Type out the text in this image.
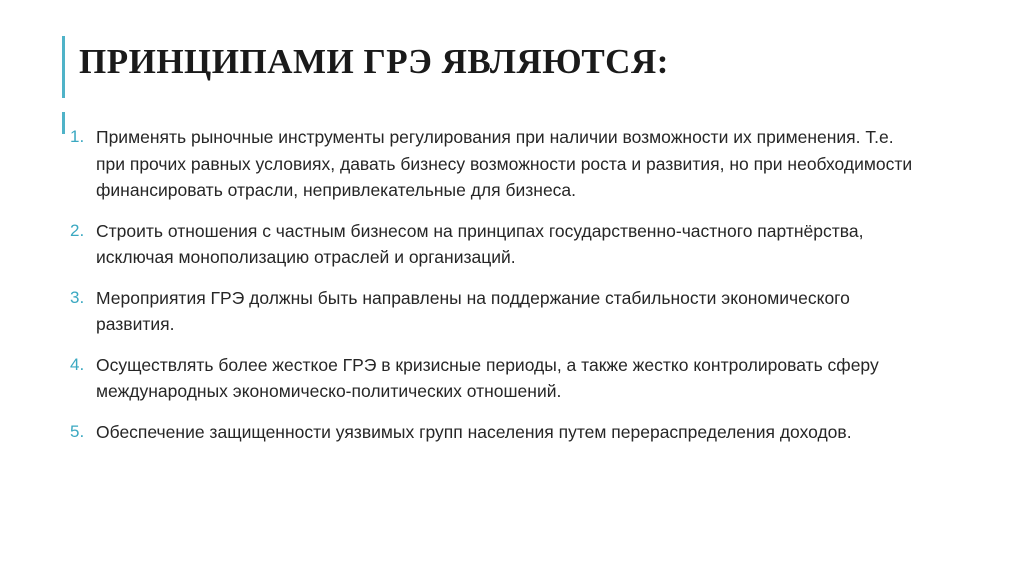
ПРИНЦИПАМИ ГРЭ ЯВЛЯЮТСЯ:
1. Применять рыночные инструменты регулирования при наличии возможности их применения. Т.е. при прочих равных условиях, давать бизнесу возможности роста и развития, но при необходимости финансировать отрасли, непривлекательные для бизнеса.
2. Строить отношения с частным бизнесом на принципах государственно-частного партнёрства, исключая монополизацию отраслей и организаций.
3. Мероприятия ГРЭ должны быть направлены на поддержание стабильности экономического развития.
4. Осуществлять более жесткое ГРЭ в кризисные периоды, а также жестко контролировать сферу международных экономическо-политических отношений.
5. Обеспечение защищенности уязвимых групп населения путем перераспределения доходов.
